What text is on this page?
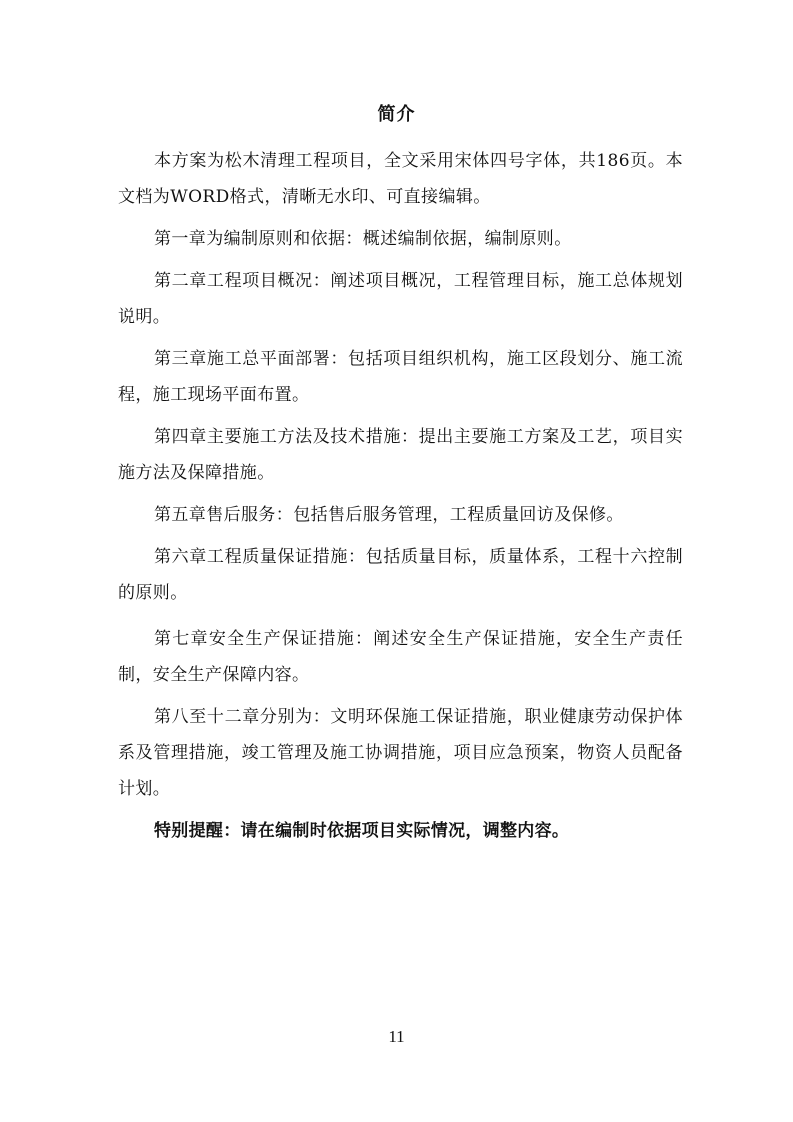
简介

本方案为松木清理工程项目，全文采用宋体四号字体，共186页。本文档为WORD格式，清晰无水印、可直接编辑。

第一章为编制原则和依据：概述编制依据，编制原则。

第二章工程项目概况：阐述项目概况，工程管理目标，施工总体规划说明。

第三章施工总平面部署：包括项目组织机构，施工区段划分、施工流程，施工现场平面布置。

第四章主要施工方法及技术措施：提出主要施工方案及工艺，项目实施方法及保障措施。

第五章售后服务：包括售后服务管理，工程质量回访及保修。

第六章工程质量保证措施：包括质量目标，质量体系，工程十六控制的原则。

第七章安全生产保证措施：阐述安全生产保证措施，安全生产责任制，安全生产保障内容。

第八至十二章分别为：文明环保施工保证措施，职业健康劳动保护体系及管理措施，竣工管理及施工协调措施，项目应急预案，物资人员配备计划。

特别提醒：请在编制时依据项目实际情况，调整内容。

11
